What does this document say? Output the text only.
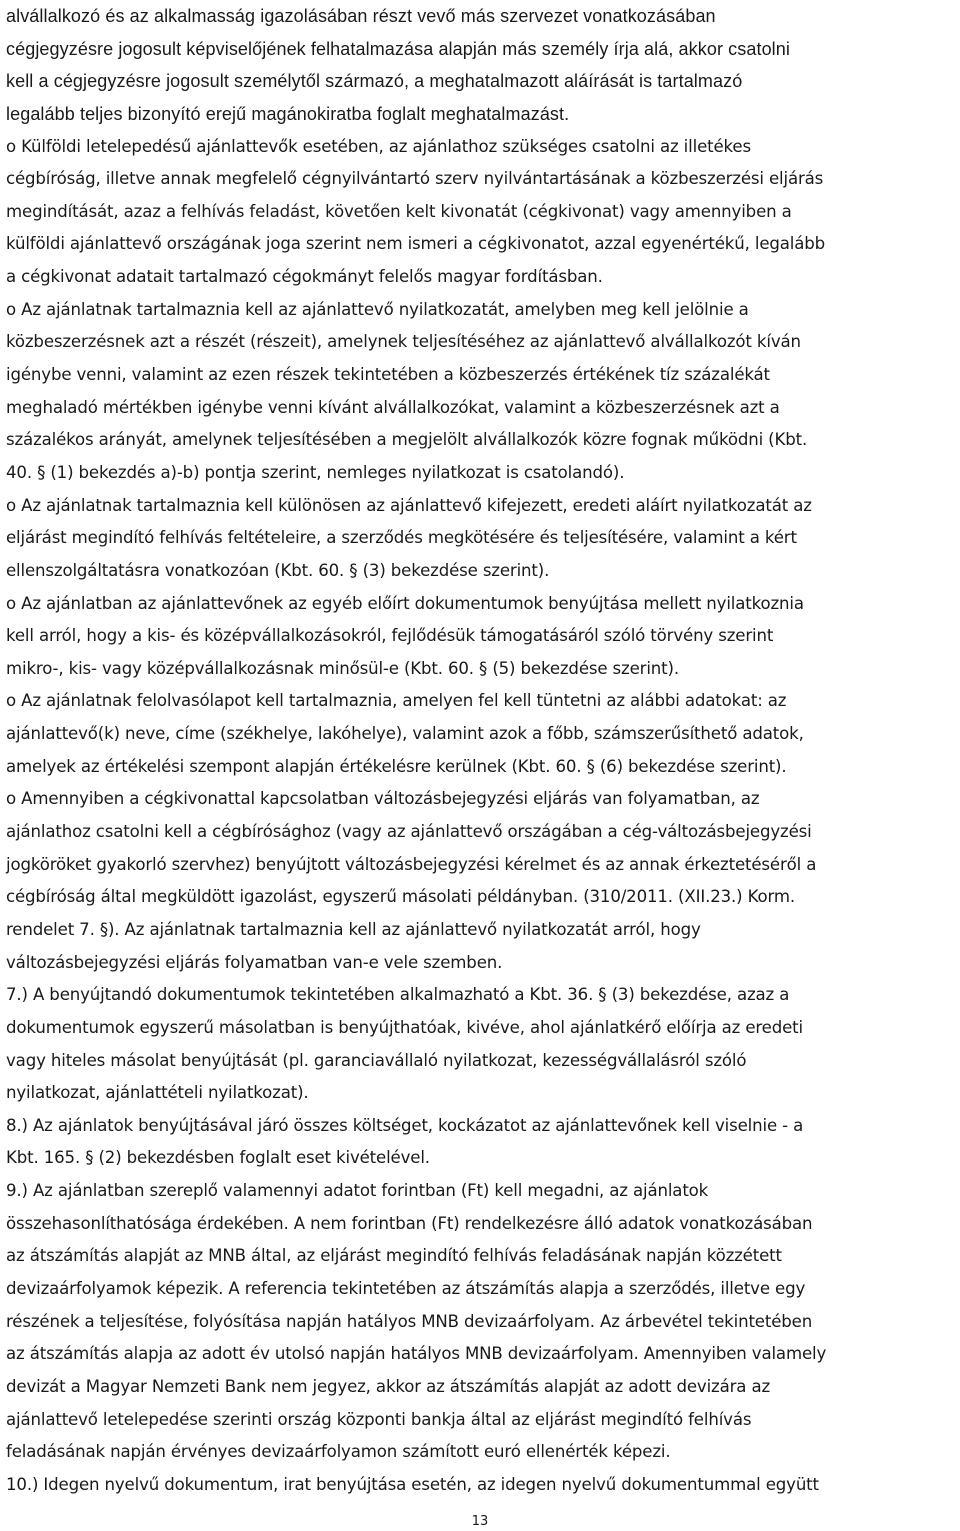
alvállalkozó és az alkalmasság igazolásában részt vevő más szervezet vonatkozásában
cégjegyzésre jogosult képviselőjének felhatalmazása alapján más személy írja alá, akkor csatolni
kell a cégjegyzésre jogosult személytől származó, a meghatalmazott aláírását is tartalmazó
legalább teljes bizonyító erejű magánokiratba foglalt meghatalmazást.
o Külföldi letelepedésű ajánlattevők esetében, az ajánlathoz szükséges csatolni az illetékes
cégbíróság, illetve annak megfelelő cégnyilvántartó szerv nyilvántartásának a közbeszerzési eljárás
megindítását, azaz a felhívás feladást, követően kelt kivonatát (cégkivonat) vagy amennyiben a
külföldi ajánlattevő országának joga szerint nem ismeri a cégkivonatot, azzal egyenértékű, legalább
a cégkivonat adatait tartalmazó cégokmányt felelős magyar fordításban.
o Az ajánlatnak tartalmaznia kell az ajánlattevő nyilatkozatát, amelyben meg kell jelölnie a
közbeszerzésnek azt a részét (részeit), amelynek teljesítéséhez az ajánlattevő alvállalkozót kíván
igénybe venni, valamint az ezen részek tekintetében a közbeszerzés értékének tíz százalékát
meghaladó mértékben igénybe venni kívánt alvállalkozókat, valamint a közbeszerzésnek azt a
százalékos arányát, amelynek teljesítésében a megjelölt alvállalkozók közre fognak működni (Kbt.
40. § (1) bekezdés a)-b) pontja szerint, nemleges nyilatkozat is csatolandó).
o Az ajánlatnak tartalmaznia kell különösen az ajánlattevő kifejezett, eredeti aláírt nyilatkozatát az
eljárást megindító felhívás feltételeire, a szerződés megkötésére és teljesítésére, valamint a kért
ellenszolgáltatásra vonatkozóan (Kbt. 60. § (3) bekezdése szerint).
o Az ajánlatban az ajánlattevőnek az egyéb előírt dokumentumok benyújtása mellett nyilatkoznia
kell arról, hogy a kis- és középvállalkozásokról, fejlődésük támogatásáról szóló törvény szerint
mikro-, kis- vagy középvállalkozásnak minősül-e (Kbt. 60. § (5) bekezdése szerint).
o Az ajánlatnak felolvasólapot kell tartalmaznia, amelyen fel kell tüntetni az alábbi adatokat: az
ajánlattevő(k) neve, címe (székhelye, lakóhelye), valamint azok a főbb, számszerűsíthető adatok,
amelyek az értékelési szempont alapján értékelésre kerülnek (Kbt. 60. § (6) bekezdése szerint).
o Amennyiben a cégkivonattal kapcsolatban változásbejegyzési eljárás van folyamatban, az
ajánlathoz csatolni kell a cégbírósághoz (vagy az ajánlattevő országában a cég-változásbejegyzési
jogköröket gyakorló szervhez) benyújtott változásbejegyzési kérelmet és az annak érkeztetéséről a
cégbíróság által megküldött igazolást, egyszerű másolati példányban. (310/2011. (XII.23.) Korm.
rendelet 7. §). Az ajánlatnak tartalmaznia kell az ajánlattevő nyilatkozatát arról, hogy
változásbejegyzési eljárás folyamatban van-e vele szemben.
7.) A benyújtandó dokumentumok tekintetében alkalmazható a Kbt. 36. § (3) bekezdése, azaz a
dokumentumok egyszerű másolatban is benyújthatóak, kivéve, ahol ajánlatkérő előírja az eredeti
vagy hiteles másolat benyújtását (pl. garanciavállaló nyilatkozat, kezességvállalásról szóló
nyilatkozat, ajánlattételi nyilatkozat).
8.) Az ajánlatok benyújtásával járó összes költséget, kockázatot az ajánlattevőnek kell viselnie - a
Kbt. 165. § (2) bekezdésben foglalt eset kivételével.
9.) Az ajánlatban szereplő valamennyi adatot forintban (Ft) kell megadni, az ajánlatok
összehasonlíthatósága érdekében. A nem forintban (Ft) rendelkezésre álló adatok vonatkozásában
az átszámítás alapját az MNB által, az eljárást megindító felhívás feladásának napján közzétett
devizaárfolyamok képezik. A referencia tekintetében az átszámítás alapja a szerződés, illetve egy
részének a teljesítése, folyósítása napján hatályos MNB devizaárfolyam. Az árbevétel tekintetében
az átszámítás alapja az adott év utolsó napján hatályos MNB devizaárfolyam. Amennyiben valamely
devizát a Magyar Nemzeti Bank nem jegyez, akkor az átszámítás alapját az adott devizára az
ajánlattevő letelepedése szerinti ország központi bankja által az eljárást megindító felhívás
feladásának napján érvényes devizaárfolyamon számított euró ellenérték képezi.
10.) Idegen nyelvű dokumentum, irat benyújtása esetén, az idegen nyelvű dokumentummal együtt
13
